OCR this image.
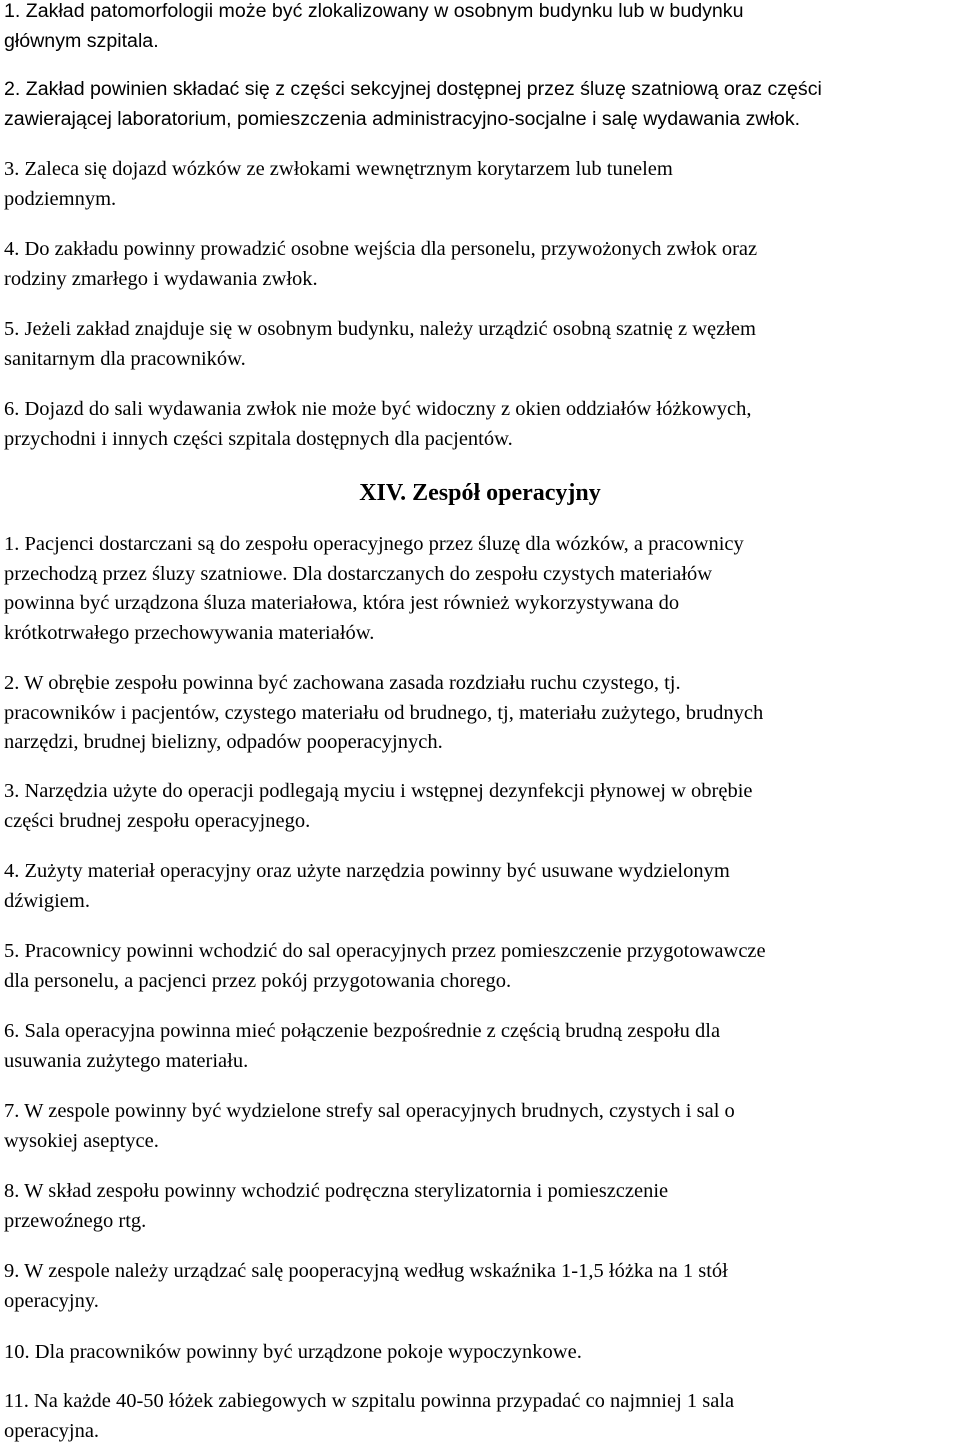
1. Zakład patomorfologii może być zlokalizowany w osobnym budynku lub w budynku
głównym szpitala.

2. Zakład powinien składać się z części sekcyjnej dostępnej przez śluzę szatniową oraz części
zawierającej laboratorium, pomieszczenia administracyjno-socjalne i salę wydawania zwłok.

3. Zaleca się dojazd wózków ze zwłokami wewnętrznym korytarzem lub tunelem
podziemnym.

4. Do zakładu powinny prowadzić osobne wejścia dla personelu, przywożonych zwłok oraz
rodziny zmarłego i wydawania zwłok.

5. Jeżeli zakład znajduje się w osobnym budynku, należy urządzić osobną szatnię z węzłem
sanitarnym dla pracowników.

6. Dojazd do sali wydawania zwłok nie może być widoczny z okien oddziałów łóżkowych,
przychodni i innych części szpitala dostępnych dla pacjentów.

XIV. Zespół operacyjny

1. Pacjenci dostarczani są do zespołu operacyjnego przez śluzę dla wózków, a pracownicy
przechodzą przez śluzy szatniowe. Dla dostarczanych do zespołu czystych materiałów
powinna być urządzona śluza materiałowa, która jest również wykorzystywana do
krótkotrwałego przechowywania materiałów.

2. W obrębie zespołu powinna być zachowana zasada rozdziału ruchu czystego, tj.
pracowników i pacjentów, czystego materiału od brudnego, tj, materiału zużytego, brudnych
narzędzi, brudnej bielizny, odpadów pooperacyjnych.

3. Narzędzia użyte do operacji podlegają myciu i wstępnej dezynfekcji płynowej w obrębie
części brudnej zespołu operacyjnego.

4. Zużyty materiał operacyjny oraz użyte narzędzia powinny być usuwane wydzielonym
dźwigiem.

5. Pracownicy powinni wchodzić do sal operacyjnych przez pomieszczenie przygotowawcze
dla personelu, a pacjenci przez pokój przygotowania chorego.

6. Sala operacyjna powinna mieć połączenie bezpośrednie z częścią brudną zespołu dla
usuwania zużytego materiału.

7. W zespole powinny być wydzielone strefy sal operacyjnych brudnych, czystych i sal o
wysokiej aseptyce.

8. W skład zespołu powinny wchodzić podręczna sterylizatornia i pomieszczenie
przewoźnego rtg.

9. W zespole należy urządzać salę pooperacyjną według wskaźnika 1-1,5 łóżka na 1 stół
operacyjny.

10. Dla pracowników powinny być urządzone pokoje wypoczynkowe.

11. Na każde 40-50 łóżek zabiegowych w szpitalu powinna przypadać co najmniej 1 sala
operacyjna.
